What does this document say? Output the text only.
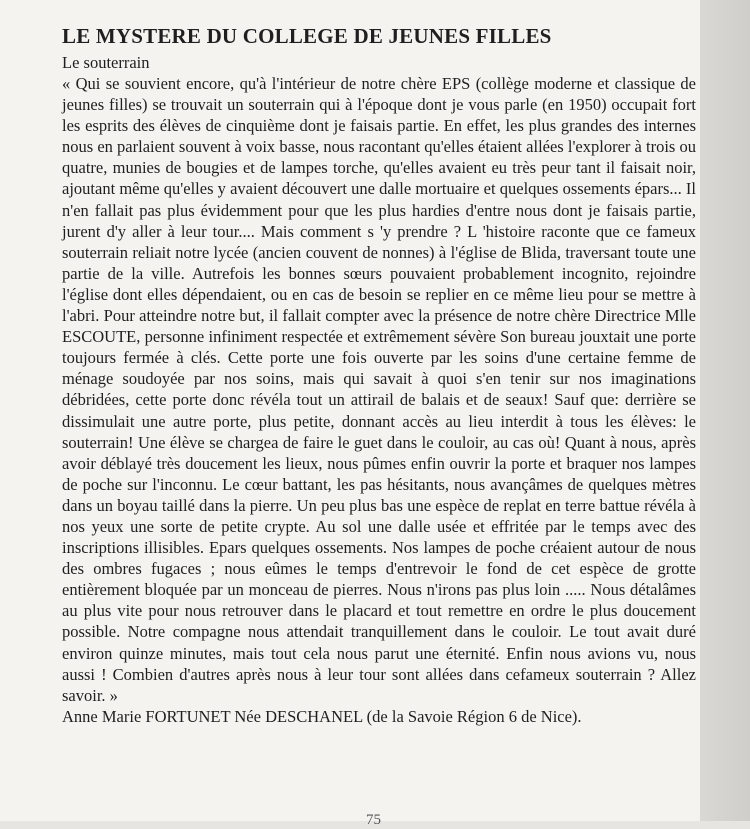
LE MYSTERE DU COLLEGE DE JEUNES FILLES

Le souterrain

« Qui se souvient encore, qu'à l'intérieur de notre chère EPS (collège moderne et classique de jeunes filles) se trouvait un souterrain qui à l'époque dont je vous parle (en 1950) occupait fort les esprits des élèves de cinquième dont je faisais partie. En effet, les plus grandes des internes nous en parlaient souvent à voix basse, nous racontant qu'elles étaient allées l'explorer à trois ou quatre, munies de bougies et de lampes torche, qu'elles avaient eu très peur tant il faisait noir, ajoutant même qu'elles y avaient découvert une dalle mortuaire et quelques ossements épars... Il n'en fallait pas plus évidemment pour que les plus hardies d'entre nous dont je faisais partie, jurent d'y aller à leur tour.... Mais comment s 'y prendre ? L 'histoire raconte que ce fameux souterrain reliait notre lycée (ancien couvent de nonnes) à l'église de Blida, traversant toute une partie de la ville. Autrefois les bonnes sœurs pouvaient probablement incognito, rejoindre l'église dont elles dépendaient, ou en cas de besoin se replier en ce même lieu pour se mettre à l'abri. Pour atteindre notre but, il fallait compter avec la présence de notre chère Directrice Mlle ESCOUTE, personne infiniment respectée et extrêmement sévère Son bureau jouxtait une porte toujours fermée à clés. Cette porte une fois ouverte par les soins d'une certaine femme de ménage soudoyée par nos soins, mais qui savait à quoi s'en tenir sur nos imaginations débridées, cette porte donc révéla tout un attirail de balais et de seaux! Sauf que: derrière se dissimulait une autre porte, plus petite, donnant accès au lieu interdit à tous les élèves: le souterrain! Une élève se chargea de faire le guet dans le couloir, au cas où! Quant à nous, après avoir déblayé très doucement les lieux, nous pûmes enfin ouvrir la porte et braquer nos lampes de poche sur l'inconnu. Le cœur battant, les pas hésitants, nous avançâmes de quelques mètres dans un boyau taillé dans la pierre. Un peu plus bas une espèce de replat en terre battue révéla à nos yeux une sorte de petite crypte. Au sol une dalle usée et effritée par le temps avec des inscriptions illisibles. Epars quelques ossements. Nos lampes de poche créaient autour de nous des ombres fugaces ; nous eûmes le temps d'entrevoir le fond de cet espèce de grotte entièrement bloquée par un monceau de pierres. Nous n'irons pas plus loin ..... Nous détalâmes au plus vite pour nous retrouver dans le placard et tout remettre en ordre le plus doucement possible. Notre compagne nous attendait tranquillement dans le couloir. Le tout avait duré environ quinze minutes, mais tout cela nous parut une éternité. Enfin nous avions vu, nous aussi ! Combien d'autres après nous à leur tour sont allées dans cefameux souterrain ? Allez savoir. »

Anne Marie FORTUNET Née DESCHANEL (de la Savoie Région 6 de Nice).

75
